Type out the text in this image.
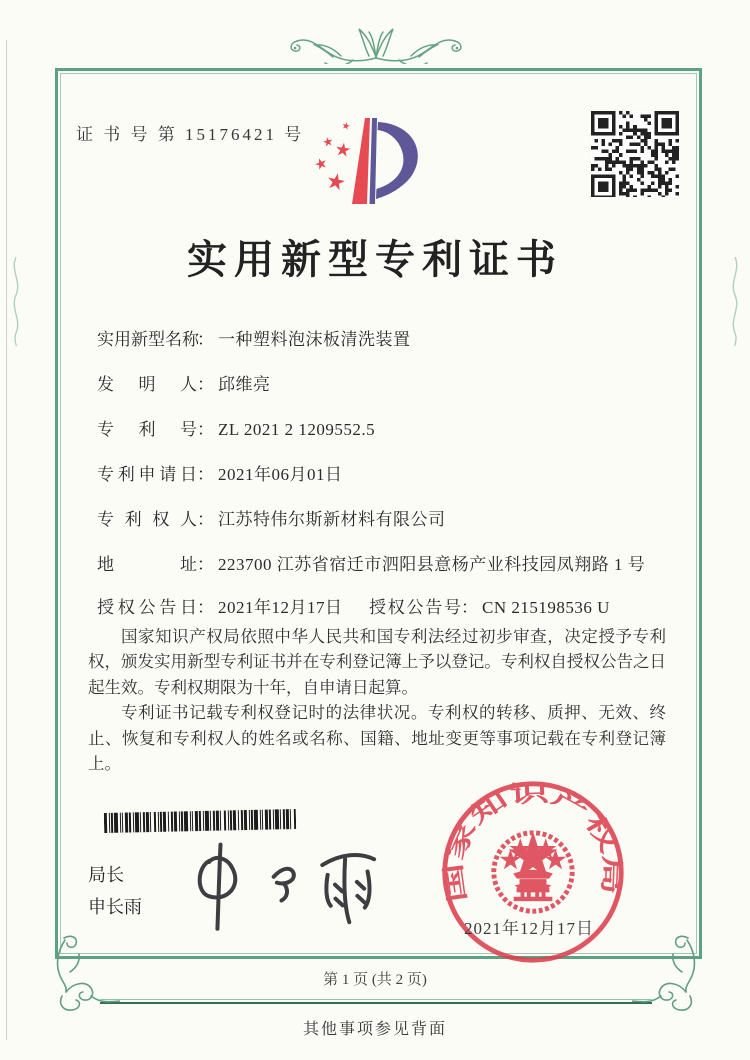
证 书 号 第 15176421 号
实用新型专利证书
实用新型名称： 一种塑料泡沫板清洗装置
发明人： 邱维亮
专利号： ZL 2021 2 1209552.5
专利申请日： 2021年06月01日
专利权人： 江苏特伟尔斯新材料有限公司
地址： 223700 江苏省宿迁市泗阳县意杨产业科技园凤翔路 1 号
授权公告日： 2021年12月17日 授权公告号： CN 215198536 U

国家知识产权局依照中华人民共和国专利法经过初步审查，决定授予专利权，颁发实用新型专利证书并在专利登记簿上予以登记。专利权自授权公告之日起生效。专利权期限为十年，自申请日起算。

专利证书记载专利权登记时的法律状况。专利权的转移、质押、无效、终止、恢复和专利权人的姓名或名称、国籍、地址变更等事项记载在专利登记簿上。

局长
申长雨
国家知识产权局
2021年12月17日
第 1 页 (共 2 页)
其他事项参见背面
